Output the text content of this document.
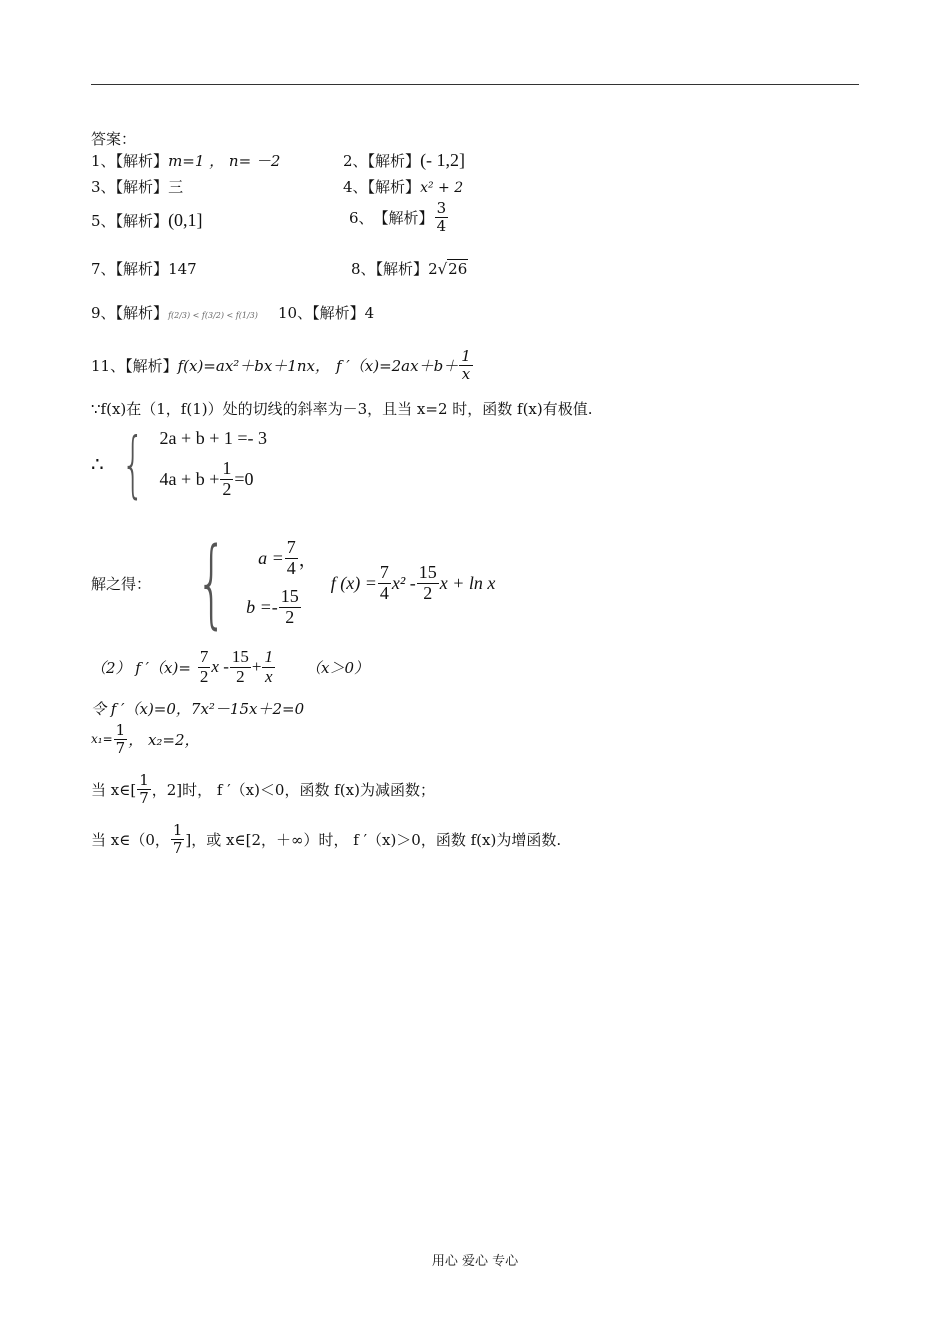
答案：
1、【解析】m=1 ， n= －2	2、【解析】(- 1,2]
3、【解析】三	4、【解析】x² + 2
5、【解析】(0,1]	6、 【解析】 $\frac{3}{4}$
7、【解析】147	8、【解析】2√26
9、【解析】f(2/3) < f(3/2) < f(1/3) 10、【解析】4
11、【解析】 f(x)=ax²＋bx＋1nx， f $'(x)=2ax+b+ \frac{1}{x}$
∵f(x)在（1，f(1)）处的切线的斜率为－3，且当 x=2 时，函数 f(x)有极值.
∴ { 2a + b + 1 =- 3
$4a + b + \frac{1}{2} =0$
解之得： { $a = \frac{7}{4}$ ，
$b =- \frac{15}{2}$
f $(x) = \frac{7}{4} x^2 - \frac{15}{2}$ x + ln x
（2） f $'(x)= \frac{7}{2}$ $x - \frac{15}{2} + \frac{1}{x} (x>0)$
令 f ′（x)=0，7x²－15x＋2=0
$x_1= \frac{1}{7}$ ， x₂=2，
当 x∈[ $\frac{1}{7}$ ，2]时， f ′（x)＜0，函数 f(x)为减函数；
当 x∈（0， $\frac{1}{7}$ ]，或 x∈[2，＋∞）时， f ′（x)＞0，函数 f(x)为增函数.
用心 爱心 专心
